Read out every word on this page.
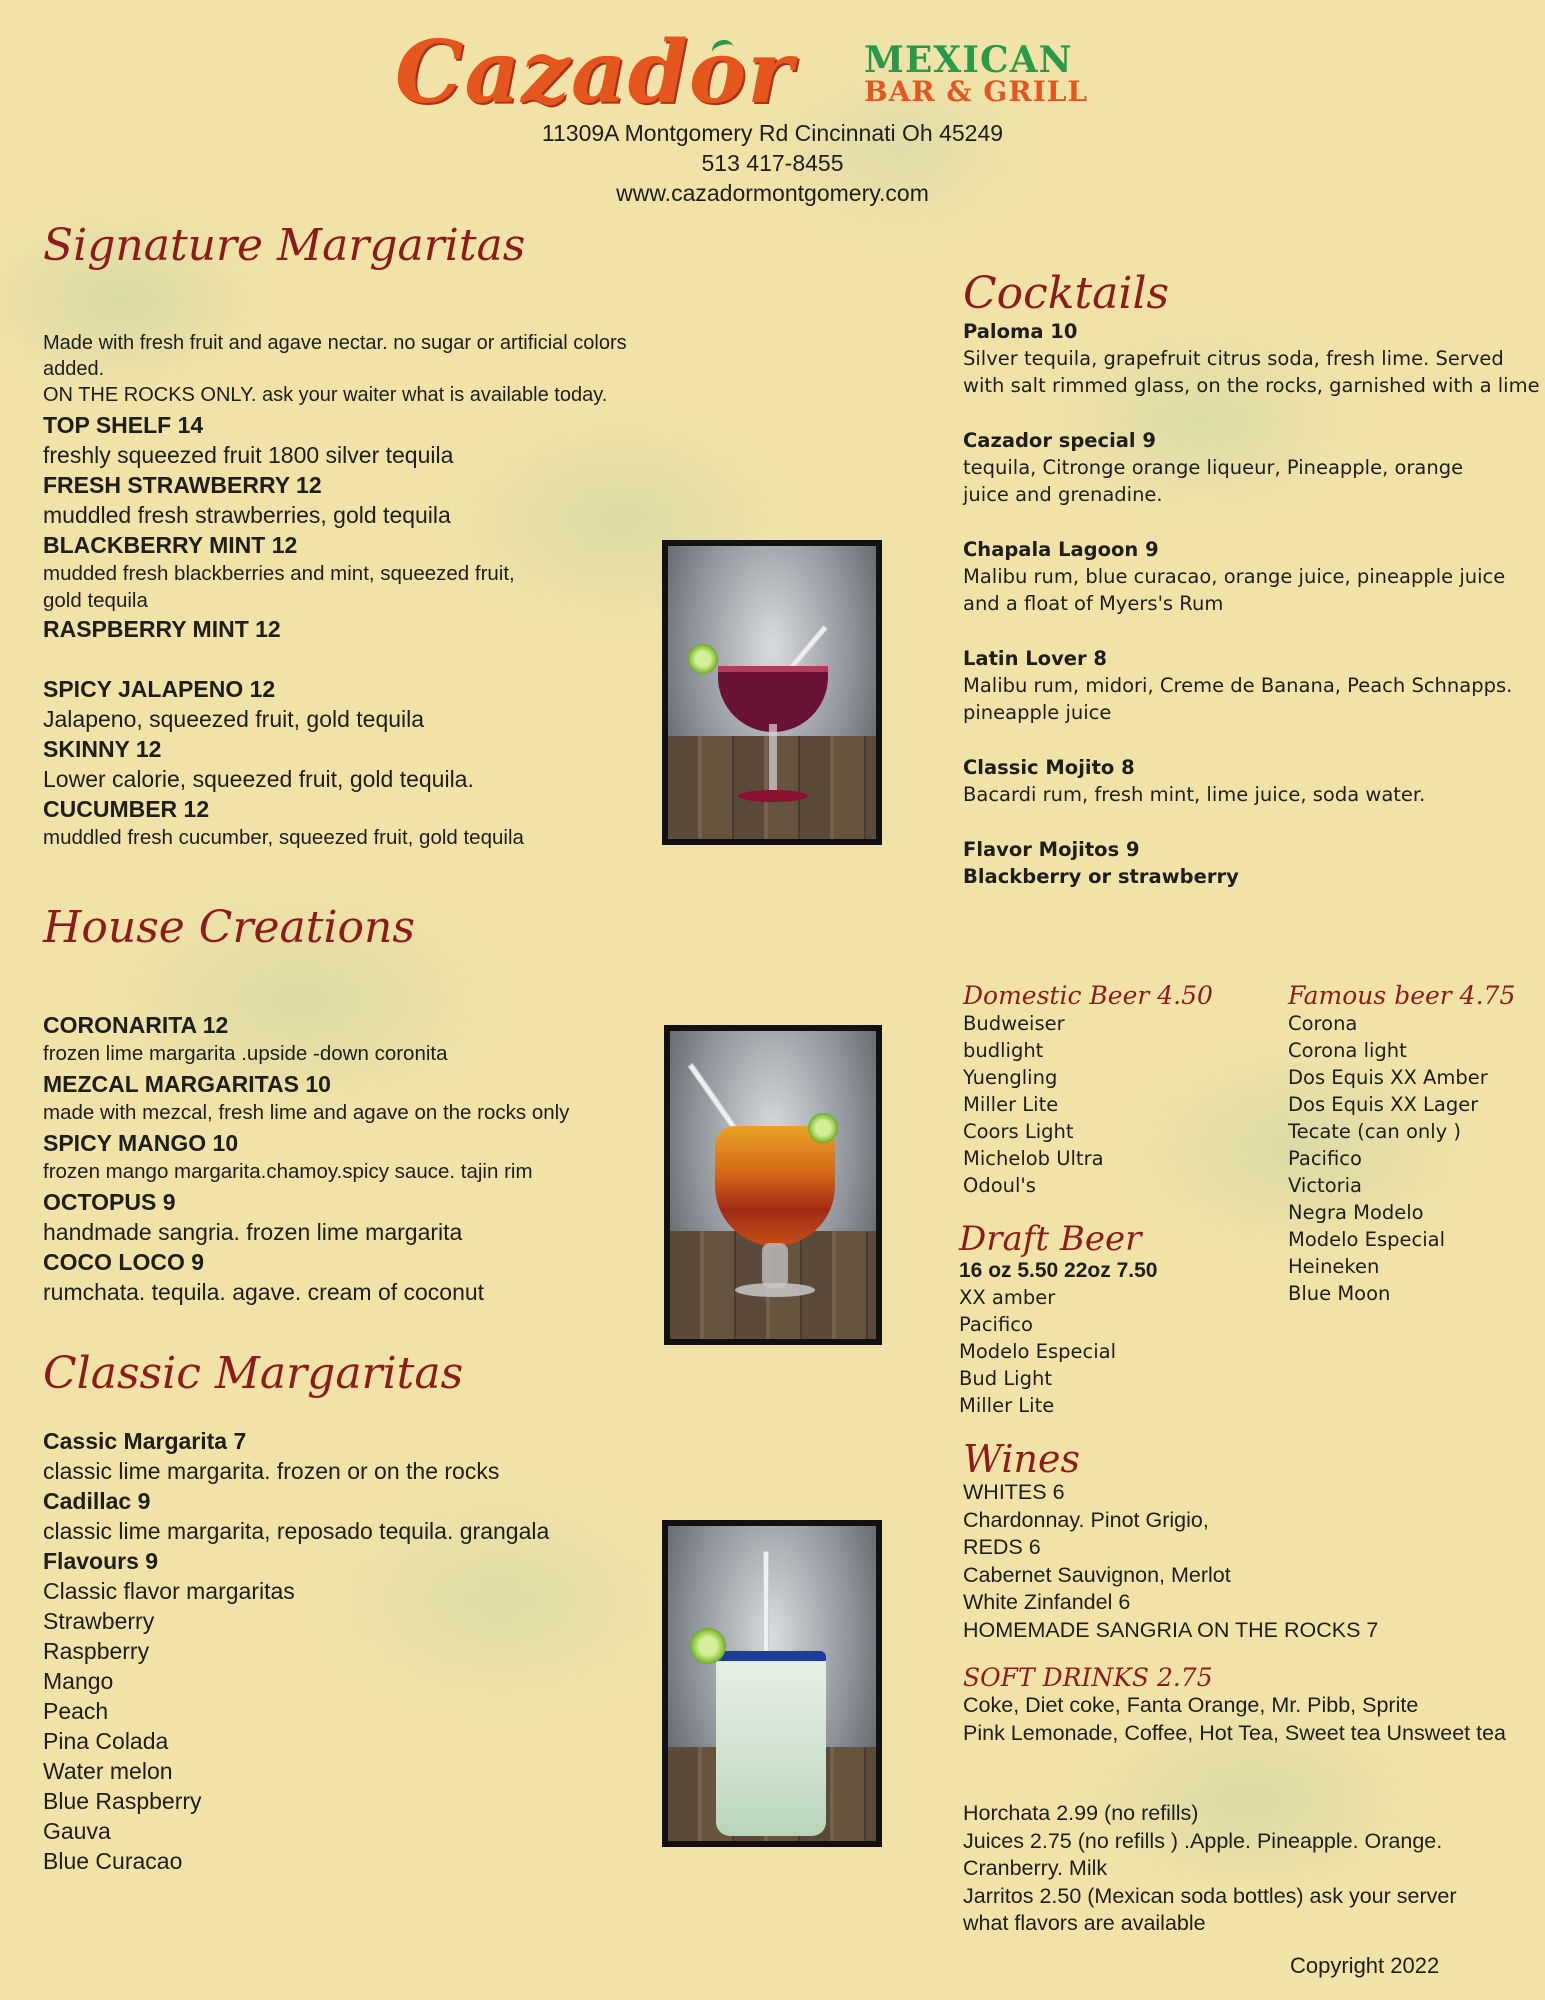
Cazador MEXICAN
BAR & GRILL
11309A Montgomery Rd Cincinnati Oh 45249
513 417-8455
www.cazadormontgomery.com
Signature Margaritas
Made with fresh fruit and agave nectar. no sugar or artificial colors added.
ON THE ROCKS ONLY. ask your waiter what is available today.
TOP SHELF 14
freshly squeezed fruit 1800 silver tequila
FRESH STRAWBERRY 12
muddled fresh strawberries, gold tequila
BLACKBERRY MINT 12
mudded fresh blackberries and mint, squeezed fruit,
gold tequila
RASPBERRY MINT 12
SPICY JALAPENO 12
Jalapeno, squeezed fruit, gold tequila
SKINNY 12
Lower calorie, squeezed fruit, gold tequila.
CUCUMBER 12
muddled fresh cucumber, squeezed fruit, gold tequila
House Creations
CORONARITA 12
frozen lime margarita .upside -down coronita
MEZCAL MARGARITAS 10
made with mezcal, fresh lime and agave on the rocks only
SPICY MANGO 10
frozen mango margarita.chamoy.spicy sauce. tajin rim
OCTOPUS 9
handmade sangria. frozen lime margarita
COCO LOCO 9
rumchata. tequila. agave. cream of coconut
Classic Margaritas
Cassic Margarita 7
classic lime margarita. frozen or on the rocks
Cadillac 9
classic lime margarita, reposado tequila. grangala
Flavours 9
Classic flavor margaritas
Strawberry
Raspberry
Mango
Peach
Pina Colada
Water melon
Blue Raspberry
Gauva
Blue Curacao
Cocktails
Paloma 10
Silver tequila, grapefruit citrus soda, fresh lime. Served
with salt rimmed glass, on the rocks, garnished with a lime
Cazador special 9
tequila, Citronge orange liqueur, Pineapple, orange
juice and grenadine.
Chapala Lagoon 9
Malibu rum, blue curacao, orange juice, pineapple juice
and a float of Myers's Rum
Latin Lover 8
Malibu rum, midori, Creme de Banana, Peach Schnapps.
pineapple juice
Classic Mojito 8
Bacardi rum, fresh mint, lime juice, soda water.
Flavor Mojitos 9
Blackberry or strawberry
Domestic Beer 4.50
Budweiser
budlight
Yuengling
Miller Lite
Coors Light
Michelob Ultra
Odoul's
Famous beer 4.75
Corona
Corona light
Dos Equis XX Amber
Dos Equis XX Lager
Tecate (can only )
Pacifico
Victoria
Negra Modelo
Modelo Especial
Heineken
Blue Moon
Draft Beer
16 oz 5.50 22oz 7.50
XX amber
Pacifico
Modelo Especial
Bud Light
Miller Lite
Wines
WHITES 6
Chardonnay. Pinot Grigio,
REDS 6
Cabernet Sauvignon, Merlot
White Zinfandel 6
HOMEMADE SANGRIA ON THE ROCKS 7
SOFT DRINKS 2.75
Coke, Diet coke, Fanta Orange, Mr. Pibb, Sprite
Pink Lemonade, Coffee, Hot Tea, Sweet tea Unsweet tea
Horchata 2.99 (no refills)
Juices 2.75 (no refills ) .Apple. Pineapple. Orange.
Cranberry. Milk
Jarritos 2.50 (Mexican soda bottles) ask your server
what flavors are available
Copyright 2022
